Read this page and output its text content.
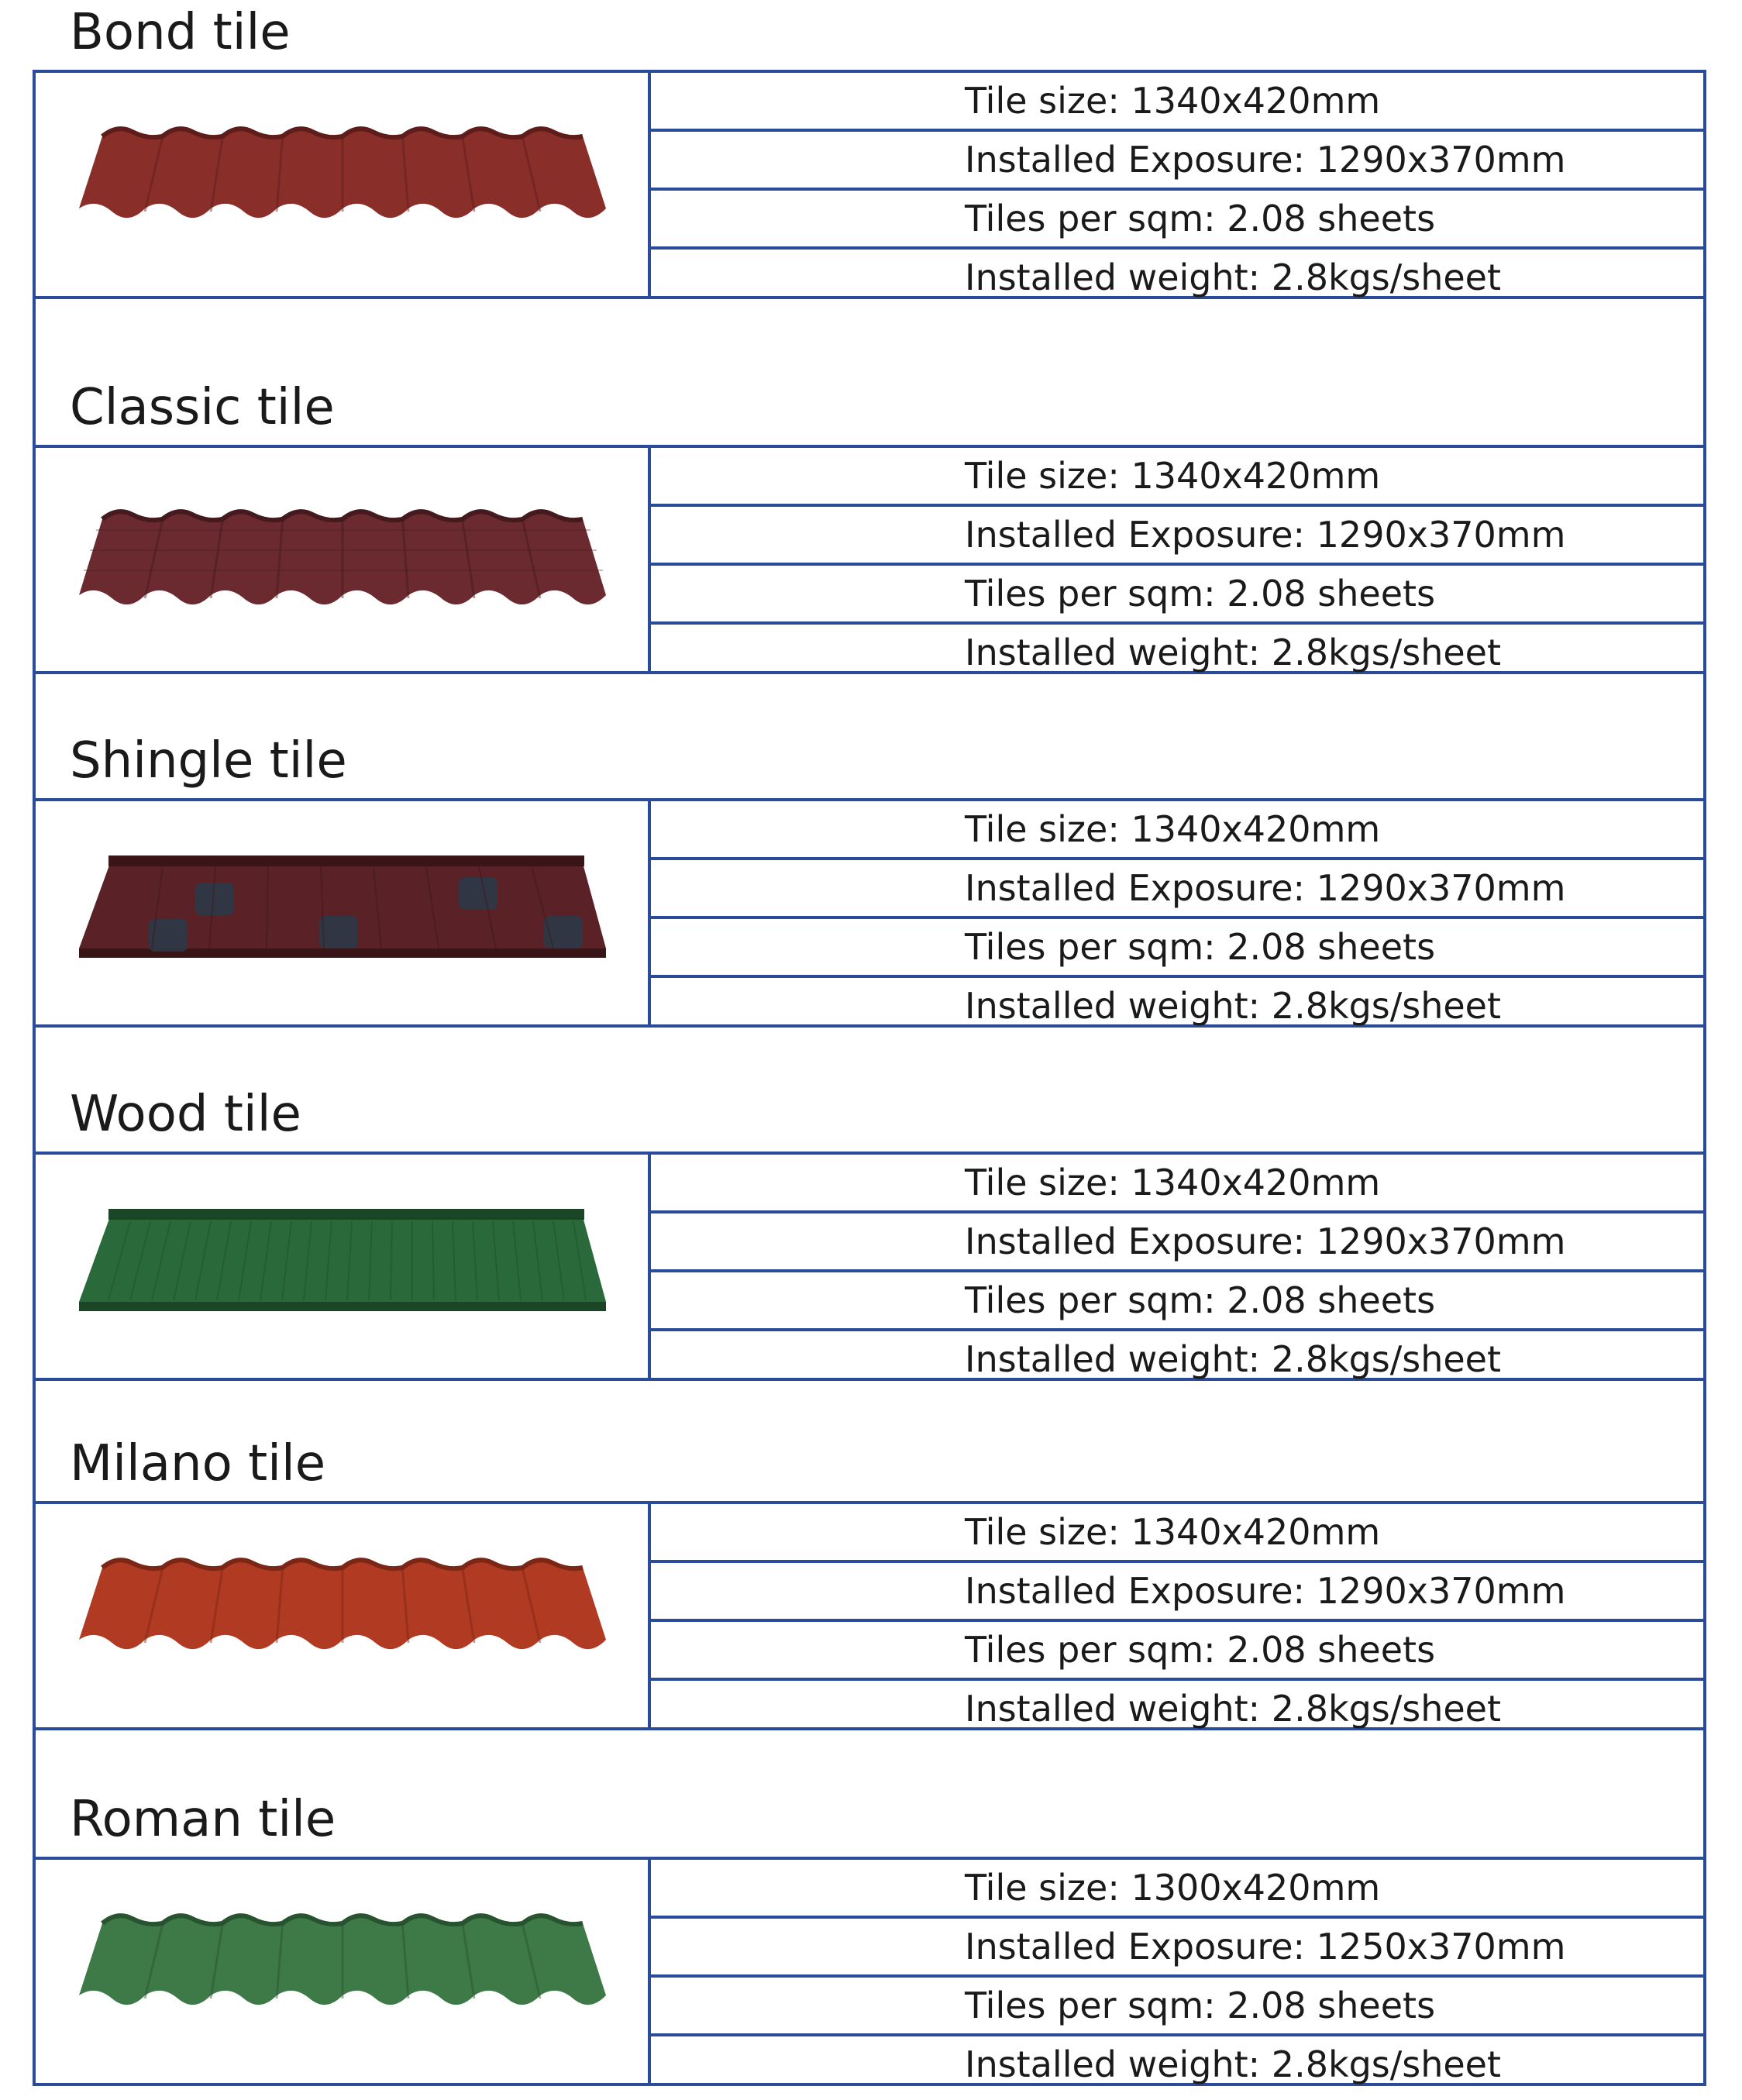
Bond tile
Tile size: 1340x420mm
Installed Exposure: 1290x370mm
Tiles per sqm: 2.08 sheets
Installed weight: 2.8kgs/sheet
Classic tile
Tile size: 1340x420mm
Installed Exposure: 1290x370mm
Tiles per sqm: 2.08 sheets
Installed weight: 2.8kgs/sheet
Shingle tile
Tile size: 1340x420mm
Installed Exposure: 1290x370mm
Tiles per sqm: 2.08 sheets
Installed weight: 2.8kgs/sheet
Wood tile
Tile size: 1340x420mm
Installed Exposure: 1290x370mm
Tiles per sqm: 2.08 sheets
Installed weight: 2.8kgs/sheet
Milano tile
Tile size: 1340x420mm
Installed Exposure: 1290x370mm
Tiles per sqm: 2.08 sheets
Installed weight: 2.8kgs/sheet
Roman tile
Tile size: 1300x420mm
Installed Exposure: 1250x370mm
Tiles per sqm: 2.08 sheets
Installed weight: 2.8kgs/sheet
